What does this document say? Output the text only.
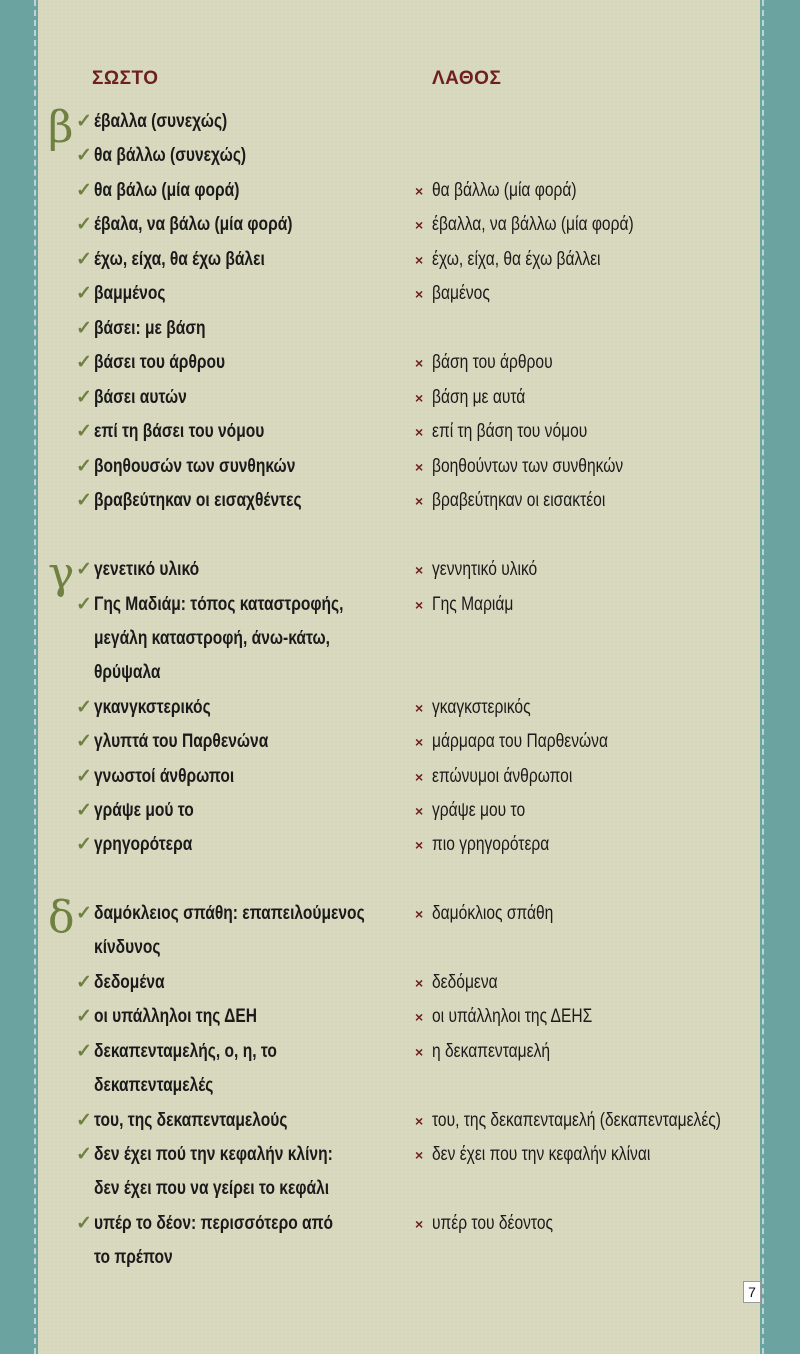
ΣΩΣΤΟ	ΛΑΘΟΣ
β
γ
δ
✓ έβαλλα (συνεχώς)
✓ θα βάλλω (συνεχώς)
✓ θα βάλω (μία φορά)	× θα βάλλω (μία φορά)
✓ έβαλα, να βάλω (μία φορά)	× έβαλλα, να βάλλω (μία φορά)
✓ έχω, είχα, θα έχω βάλει	× έχω, είχα, θα έχω βάλλει
✓ βαμμένος	× βαμένος
✓ βάσει: με βάση
✓ βάσει του άρθρου	× βάση του άρθρου
✓ βάσει αυτών	× βάση με αυτά
✓ επί τη βάσει του νόμου	× επί τη βάση του νόμου
✓ βοηθουσών των συνθηκών	× βοηθούντων των συνθηκών
✓ βραβεύτηκαν οι εισαχθέντες	× βραβεύτηκαν οι εισακτέοι
✓ γενετικό υλικό	× γεννητικό υλικό
✓ Γης Μαδιάμ: τόπος καταστροφής,	× Γης Μαριάμ
μεγάλη καταστροφή, άνω-κάτω,
θρύψαλα
✓ γκανγκστερικός	× γκαγκστερικός
✓ γλυπτά του Παρθενώνα	× μάρμαρα του Παρθενώνα
✓ γνωστοί άνθρωποι	× επώνυμοι άνθρωποι
✓ γράψε μού το	× γράψε μου το
✓ γρηγορότερα	× πιο γρηγορότερα
✓ δαμόκλειος σπάθη: επαπειλούμενος	× δαμόκλιος σπάθη
κίνδυνος
✓ δεδομένα	× δεδόμενα
✓ οι υπάλληλοι της ΔΕΗ	× οι υπάλληλοι της ΔΕΗΣ
✓ δεκαπενταμελής, ο, η, το	× η δεκαπενταμελή
δεκαπενταμελές
✓ του, της δεκαπενταμελούς	× του, της δεκαπενταμελή (δεκαπενταμελές)
✓ δεν έχει πού την κεφαλήν κλίνη:	× δεν έχει που την κεφαλήν κλίναι
δεν έχει που να γείρει το κεφάλι
✓ υπέρ το δέον: περισσότερο από	× υπέρ του δέοντος
το πρέπον
7
